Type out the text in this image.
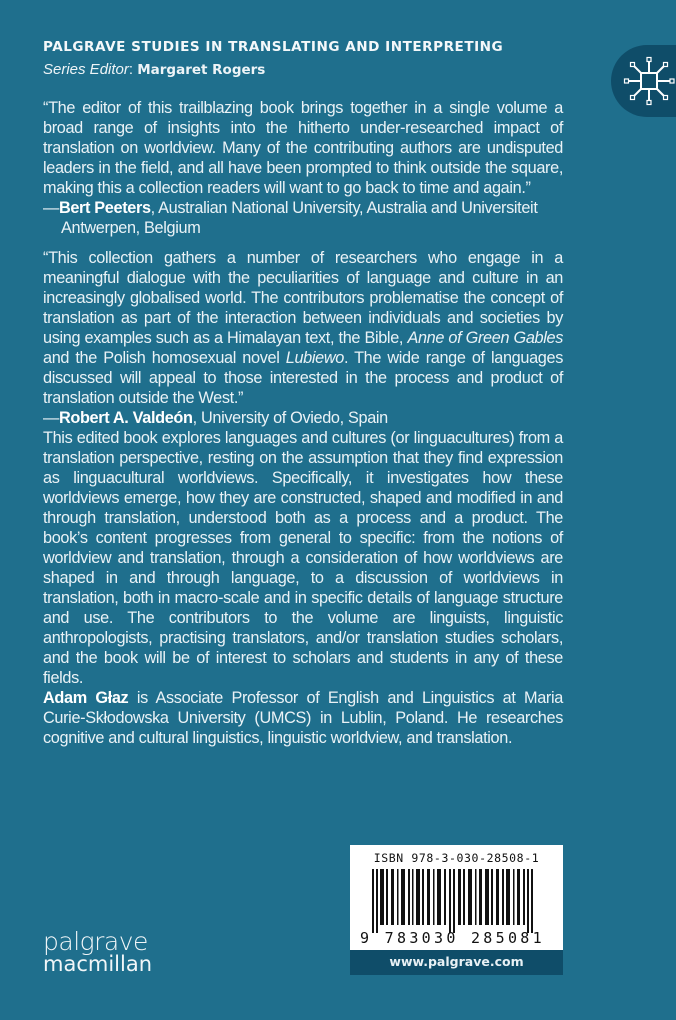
PALGRAVE STUDIES IN TRANSLATING AND INTERPRETING
Series Editor: Margaret Rogers

“The editor of this trailblazing book brings together in a single volume a broad range of insights into the hitherto under-researched impact of translation on worldview. Many of the contributing authors are undisputed leaders in the field, and all have been prompted to think outside the square, making this a collection readers will want to go back to time and again.”

—Bert Peeters, Australian National University, Australia and Universiteit Antwerpen, Belgium

“This collection gathers a number of researchers who engage in a meaningful dialogue with the peculiarities of language and culture in an increasingly globalised world. The contributors problematise the concept of translation as part of the interaction between individuals and societies by using examples such as a Himalayan text, the Bible, Anne of Green Gables and the Polish homosexual novel Lubiewo. The wide range of languages discussed will appeal to those interested in the process and product of translation outside the West.”

—Robert A. Valdeón, University of Oviedo, Spain

This edited book explores languages and cultures (or linguacultures) from a translation perspective, resting on the assumption that they find expression as linguacultural worldviews. Specifically, it investigates how these worldviews emerge, how they are constructed, shaped and modified in and through translation, understood both as a process and a product. The book’s content progresses from general to specific: from the notions of worldview and translation, through a consideration of how worldviews are shaped in and through language, to a discussion of worldviews in translation, both in macro-scale and in specific details of language structure and use. The contributors to the volume are linguists, linguistic anthropologists, practising translators, and/or translation studies scholars, and the book will be of interest to scholars and students in any of these fields.

Adam Głaz is Associate Professor of English and Linguistics at Maria Curie-Skłodowska University (UMCS) in Lublin, Poland. He researches cognitive and cultural linguistics, linguistic worldview, and translation.

palgrave
macmillan
ISBN 978-3-030-28508-1
9 783030 285081
www.palgrave.com
